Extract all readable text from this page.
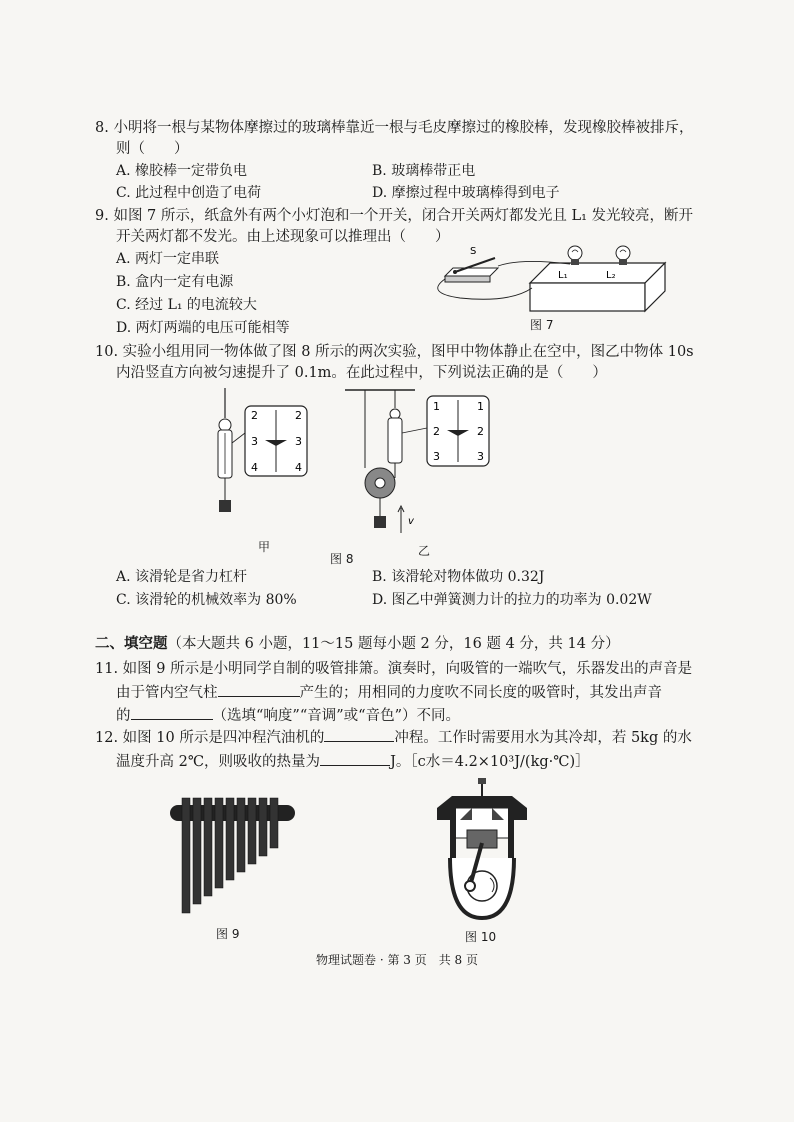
8. 小明将一根与某物体摩擦过的玻璃棒靠近一根与毛皮摩擦过的橡胶棒，发现橡胶棒被排斥，
则（　　）
A. 橡胶棒一定带负电	B. 玻璃棒带正电
C. 此过程中创造了电荷	D. 摩擦过程中玻璃棒得到电子
9. 如图 7 所示，纸盒外有两个小灯泡和一个开关，闭合开关两灯都发光且 L₁ 发光较亮，断开
开关两灯都不发光。由上述现象可以推理出（　　）
A. 两灯一定串联
B. 盒内一定有电源
C. 经过 L₁ 的电流较大
D. 两灯两端的电压可能相等
L₁	L₂
S
图 7
10. 实验小组用同一物体做了图 8 所示的两次实验，图甲中物体静止在空中，图乙中物体 10s
内沿竖直方向被匀速提升了 0.1m。在此过程中，下列说法正确的是（　　）
2	2
3	3
4	4
v
1	1
2	2
3	3
甲
图 8
乙
A. 该滑轮是省力杠杆	B. 该滑轮对物体做功 0.32J
C. 该滑轮的机械效率为 80%	D. 图乙中弹簧测力计的拉力的功率为 0.02W
二、填空题（本大题共 6 小题，11～15 题每小题 2 分，16 题 4 分，共 14 分）
11. 如图 9 所示是小明同学自制的吸管排箫。演奏时，向吸管的一端吹气，乐器发出的声音是
由于管内空气柱	产生的；用相同的力度吹不同长度的吸管时，其发出声音
的	（选填“响度”“音调”或“音色”）不同。
12. 如图 10 所示是四冲程汽油机的	冲程。工作时需要用水为其冷却，若 5kg 的水
温度升高 2℃，则吸收的热量为	J。［c水＝4.2×10³J/(kg·℃)］
图 9	图 10
物理试题卷 · 第 3 页　共 8 页
